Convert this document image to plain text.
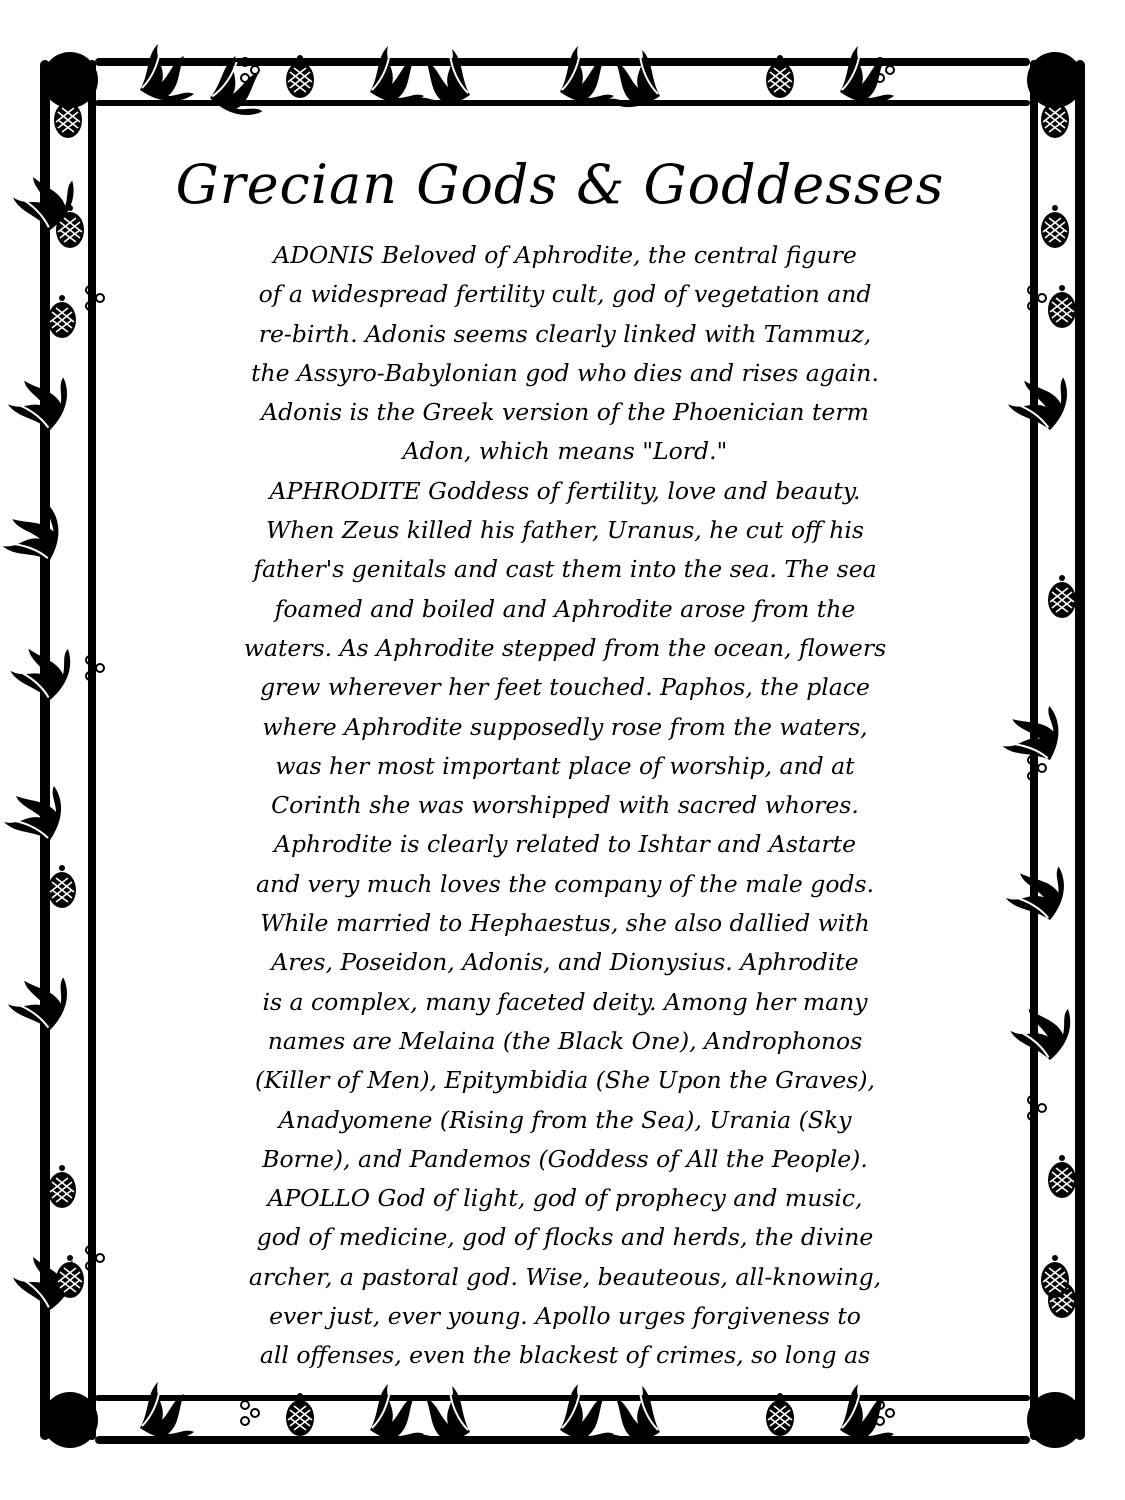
Grecian Gods & Goddesses
ADONIS Beloved of Aphrodite, the central figure
of a widespread fertility cult, god of vegetation and
re-birth. Adonis seems clearly linked with Tammuz,
the Assyro-Babylonian god who dies and rises again.
Adonis is the Greek version of the Phoenician term
Adon, which means "Lord."
APHRODITE Goddess of fertility, love and beauty.
When Zeus killed his father, Uranus, he cut off his
father's genitals and cast them into the sea. The sea
foamed and boiled and Aphrodite arose from the
waters. As Aphrodite stepped from the ocean, flowers
grew wherever her feet touched. Paphos, the place
where Aphrodite supposedly rose from the waters,
was her most important place of worship, and at
Corinth she was worshipped with sacred whores.
Aphrodite is clearly related to Ishtar and Astarte
and very much loves the company of the male gods.
While married to Hephaestus, she also dallied with
Ares, Poseidon, Adonis, and Dionysius. Aphrodite
is a complex, many faceted deity. Among her many
names are Melaina (the Black One), Androphonos
(Killer of Men), Epitymbidia (She Upon the Graves),
Anadyomene (Rising from the Sea), Urania (Sky
Borne), and Pandemos (Goddess of All the People).
APOLLO God of light, god of prophecy and music,
god of medicine, god of flocks and herds, the divine
archer, a pastoral god. Wise, beauteous, all-knowing,
ever just, ever young. Apollo urges forgiveness to
all offenses, even the blackest of crimes, so long as
